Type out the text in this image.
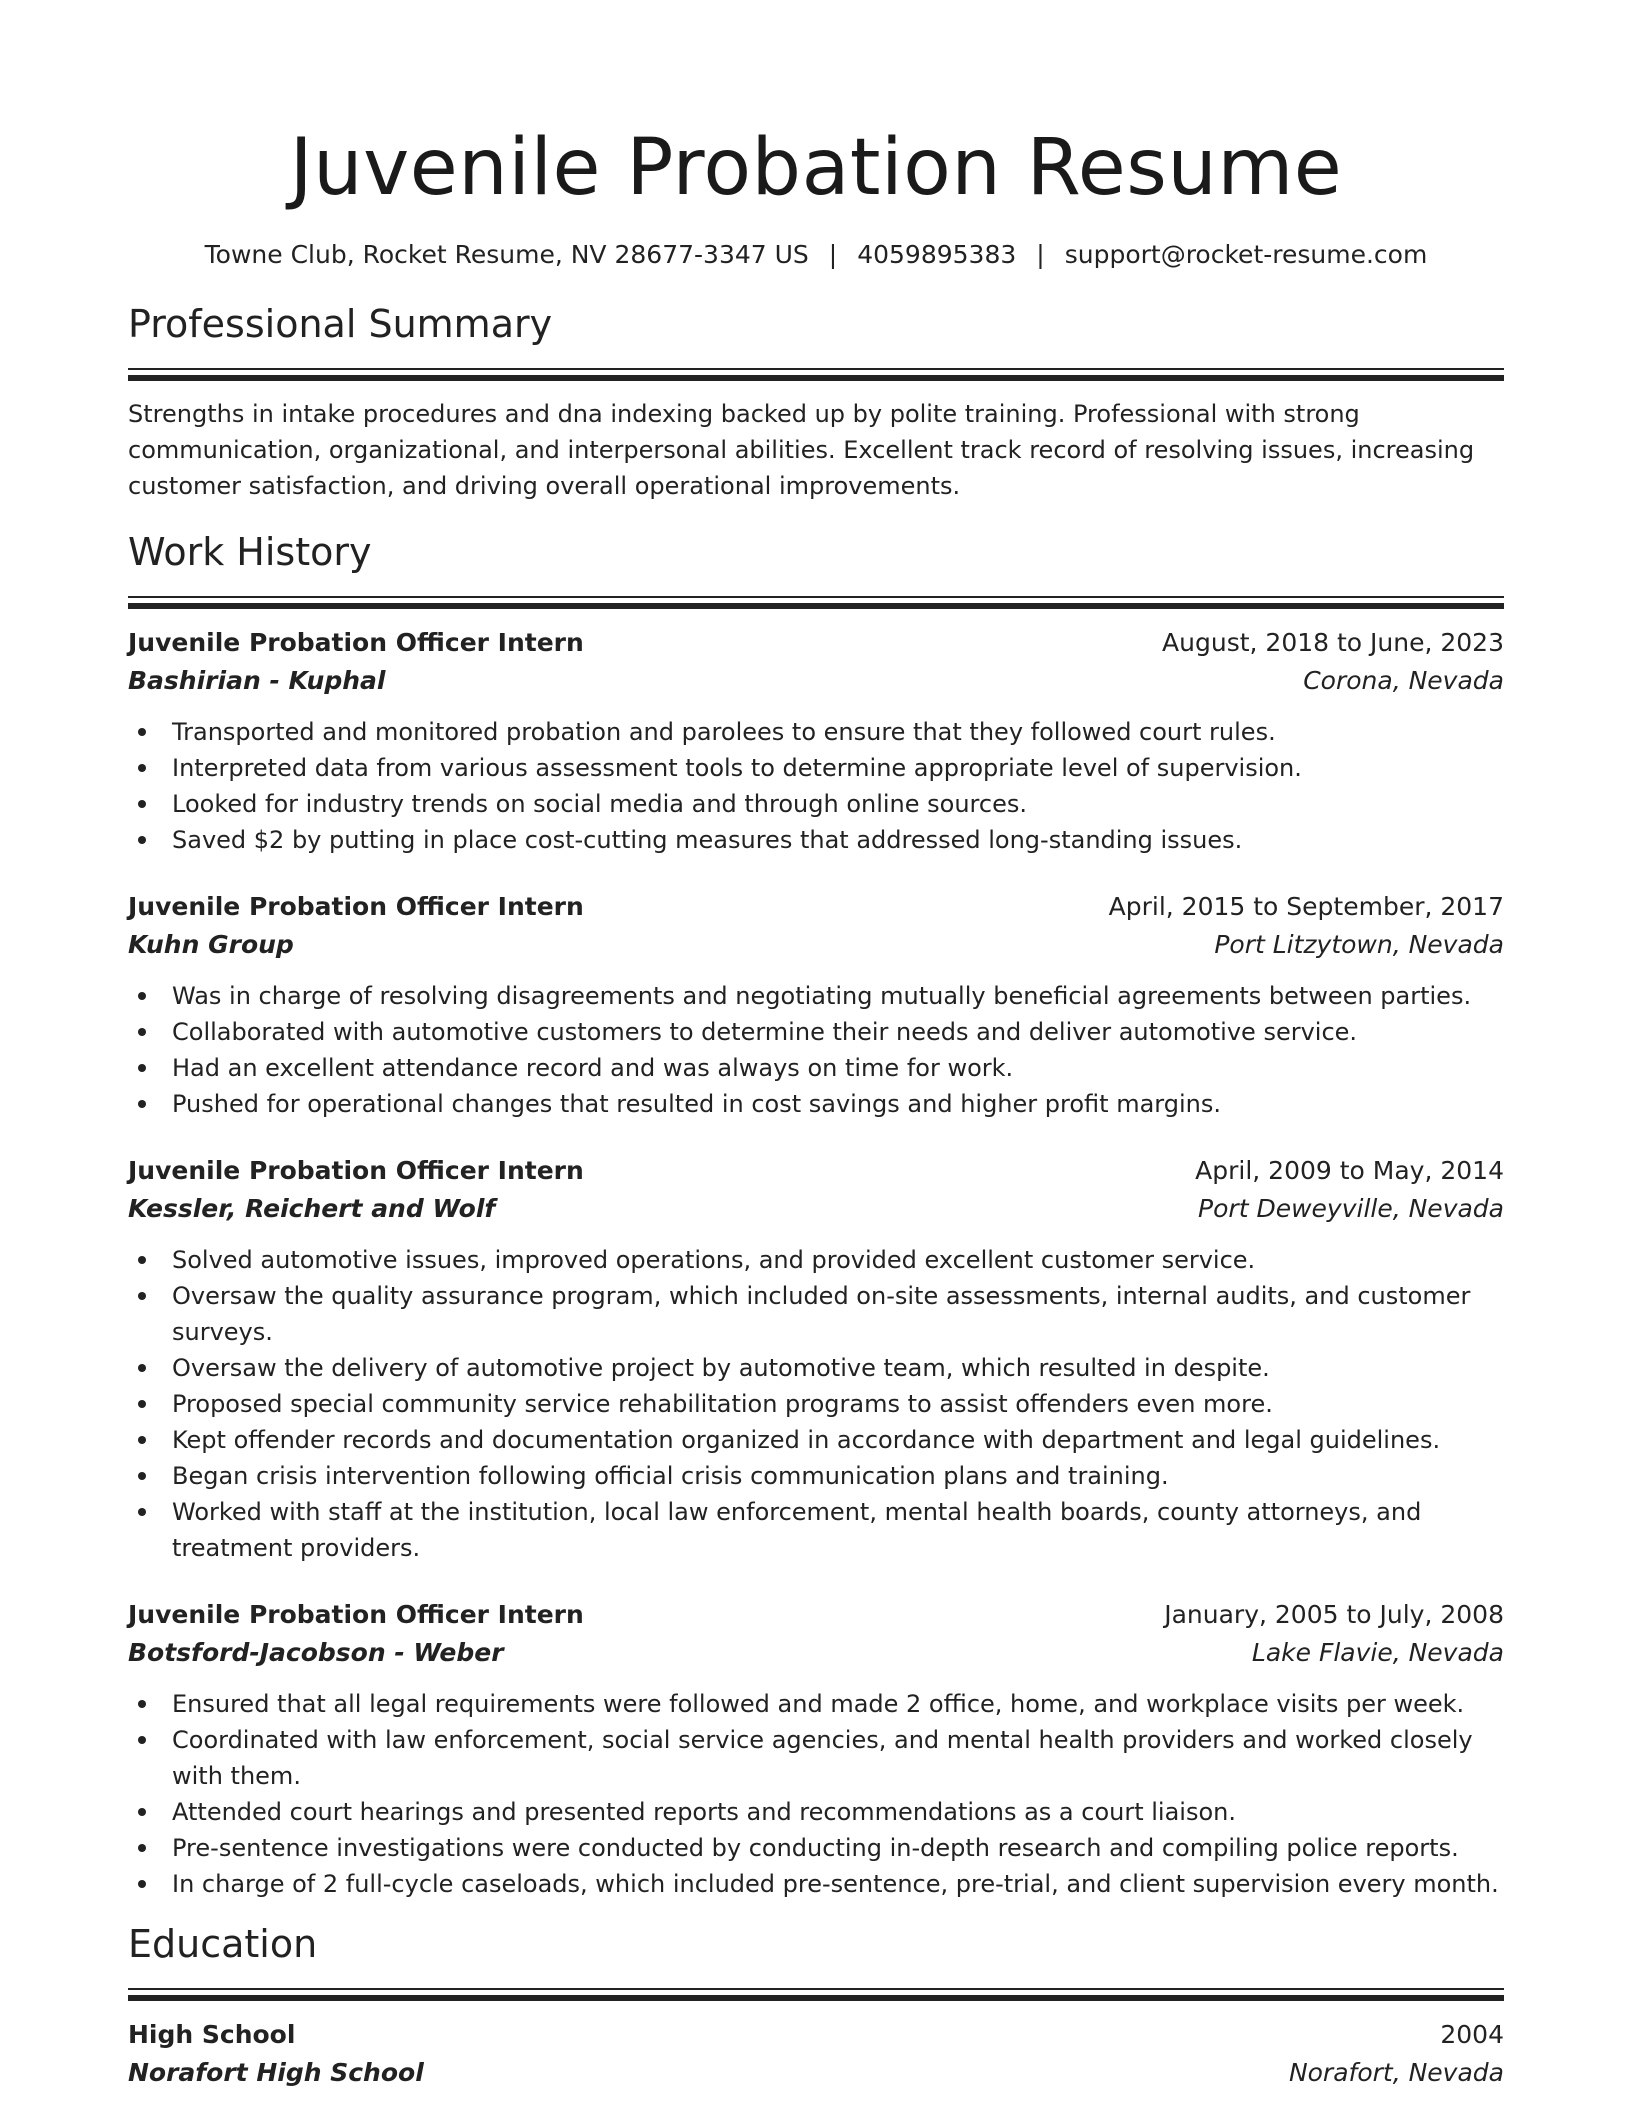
Juvenile Probation Resume
Towne Club, Rocket Resume, NV 28677-3347 US | 4059895383 | support@rocket-resume.com
Professional Summary
Strengths in intake procedures and dna indexing backed up by polite training. Professional with strong communication, organizational, and interpersonal abilities. Excellent track record of resolving issues, increasing customer satisfaction, and driving overall operational improvements.
Work History
Juvenile Probation Officer Intern	August, 2018 to June, 2023
Bashirian - Kuphal	Corona, Nevada
Transported and monitored probation and parolees to ensure that they followed court rules.
Interpreted data from various assessment tools to determine appropriate level of supervision.
Looked for industry trends on social media and through online sources.
Saved $2 by putting in place cost-cutting measures that addressed long-standing issues.
Juvenile Probation Officer Intern	April, 2015 to September, 2017
Kuhn Group	Port Litzytown, Nevada
Was in charge of resolving disagreements and negotiating mutually beneficial agreements between parties.
Collaborated with automotive customers to determine their needs and deliver automotive service.
Had an excellent attendance record and was always on time for work.
Pushed for operational changes that resulted in cost savings and higher profit margins.
Juvenile Probation Officer Intern	April, 2009 to May, 2014
Kessler, Reichert and Wolf	Port Deweyville, Nevada
Solved automotive issues, improved operations, and provided excellent customer service.
Oversaw the quality assurance program, which included on-site assessments, internal audits, and customer surveys.
Oversaw the delivery of automotive project by automotive team, which resulted in despite.
Proposed special community service rehabilitation programs to assist offenders even more.
Kept offender records and documentation organized in accordance with department and legal guidelines.
Began crisis intervention following official crisis communication plans and training.
Worked with staff at the institution, local law enforcement, mental health boards, county attorneys, and treatment providers.
Juvenile Probation Officer Intern	January, 2005 to July, 2008
Botsford-Jacobson - Weber	Lake Flavie, Nevada
Ensured that all legal requirements were followed and made 2 office, home, and workplace visits per week.
Coordinated with law enforcement, social service agencies, and mental health providers and worked closely with them.
Attended court hearings and presented reports and recommendations as a court liaison.
Pre-sentence investigations were conducted by conducting in-depth research and compiling police reports.
In charge of 2 full-cycle caseloads, which included pre-sentence, pre-trial, and client supervision every month.
Education
High School	2004
Norafort High School	Norafort, Nevada
